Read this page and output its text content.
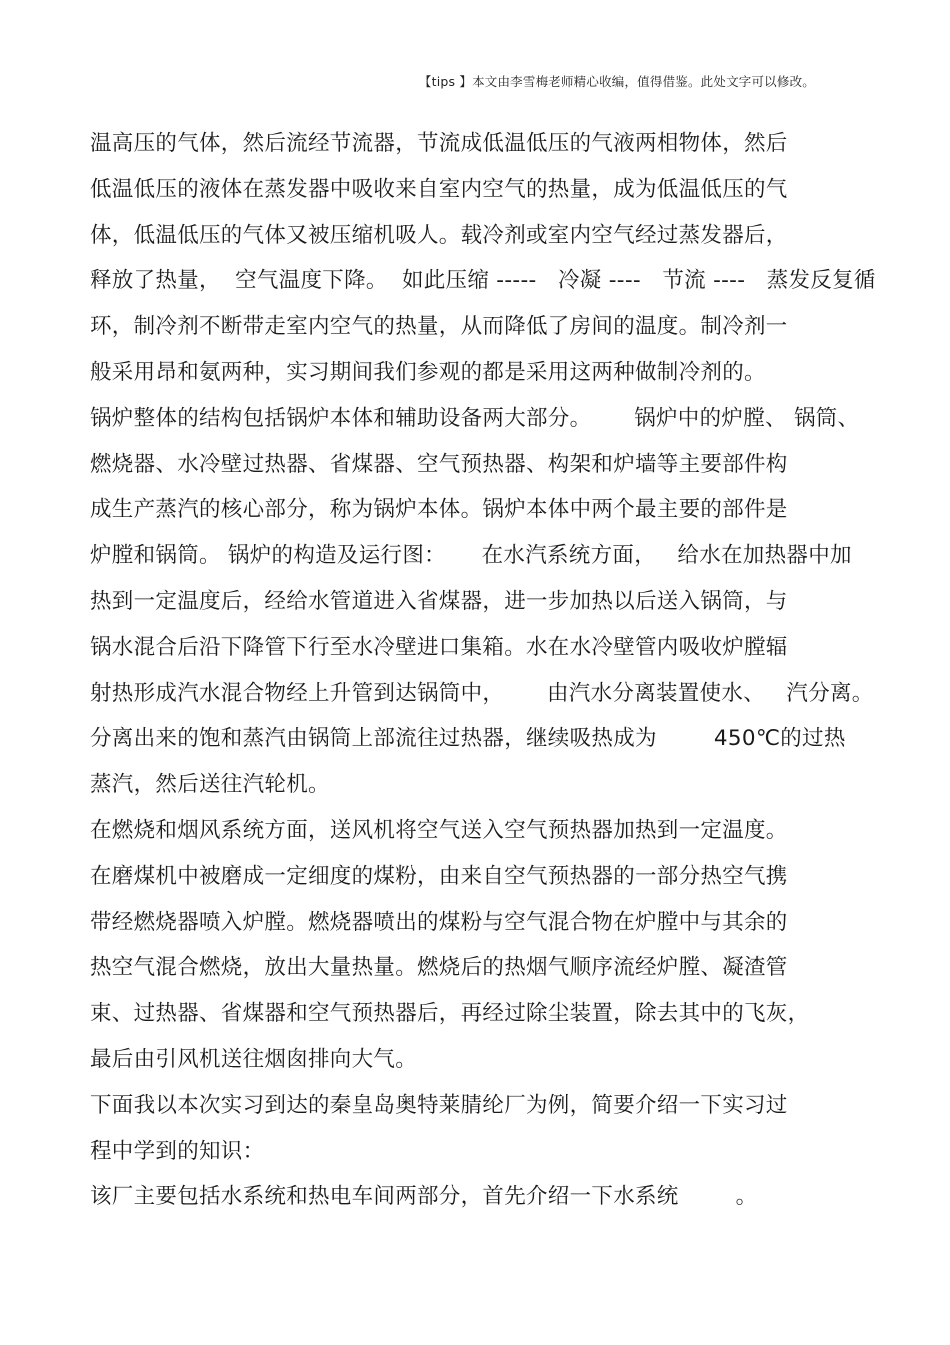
【tips 】本文由李雪梅老师精心收编，值得借鉴。此处文字可以修改。
温高压的气体，然后流经节流器，节流成低温低压的气液两相物体，然后
低温低压的液体在蒸发器中吸收来自室内空气的热量，成为低温低压的气
体，低温低压的气体又被压缩机吸人。载冷剂或室内空气经过蒸发器后，
释放了热量，  空气温度下降。  如此压缩 -----   冷凝 ----   节流 ----   蒸发反复循
环，制冷剂不断带走室内空气的热量，从而降低了房间的温度。制冷剂一
般采用昂和氨两种，实习期间我们参观的都是采用这两种做制冷剂的。
锅炉整体的结构包括锅炉本体和辅助设备两大部分。      锅炉中的炉膛、 锅筒、
燃烧器、水冷壁过热器、省煤器、空气预热器、构架和炉墙等主要部件构
成生产蒸汽的核心部分，称为锅炉本体。锅炉本体中两个最主要的部件是
炉膛和锅筒。 锅炉的构造及运行图：     在水汽系统方面，   给水在加热器中加
热到一定温度后，经给水管道进入省煤器，进一步加热以后送入锅筒，与
锅水混合后沿下降管下行至水冷壁进口集箱。水在水冷壁管内吸收炉膛辐
射热形成汽水混合物经上升管到达锅筒中，      由汽水分离装置使水、   汽分离。
分离出来的饱和蒸汽由锅筒上部流往过热器，继续吸热成为        450℃的过热
蒸汽，然后送往汽轮机。
在燃烧和烟风系统方面，送风机将空气送入空气预热器加热到一定温度。
在磨煤机中被磨成一定细度的煤粉，由来自空气预热器的一部分热空气携
带经燃烧器喷入炉膛。燃烧器喷出的煤粉与空气混合物在炉膛中与其余的
热空气混合燃烧，放出大量热量。燃烧后的热烟气顺序流经炉膛、凝渣管
束、过热器、省煤器和空气预热器后，再经过除尘装置，除去其中的飞灰，
最后由引风机送往烟囱排向大气。
下面我以本次实习到达的秦皇岛奥特莱腈纶厂为例，简要介绍一下实习过
程中学到的知识：
该厂主要包括水系统和热电车间两部分，首先介绍一下水系统        。
